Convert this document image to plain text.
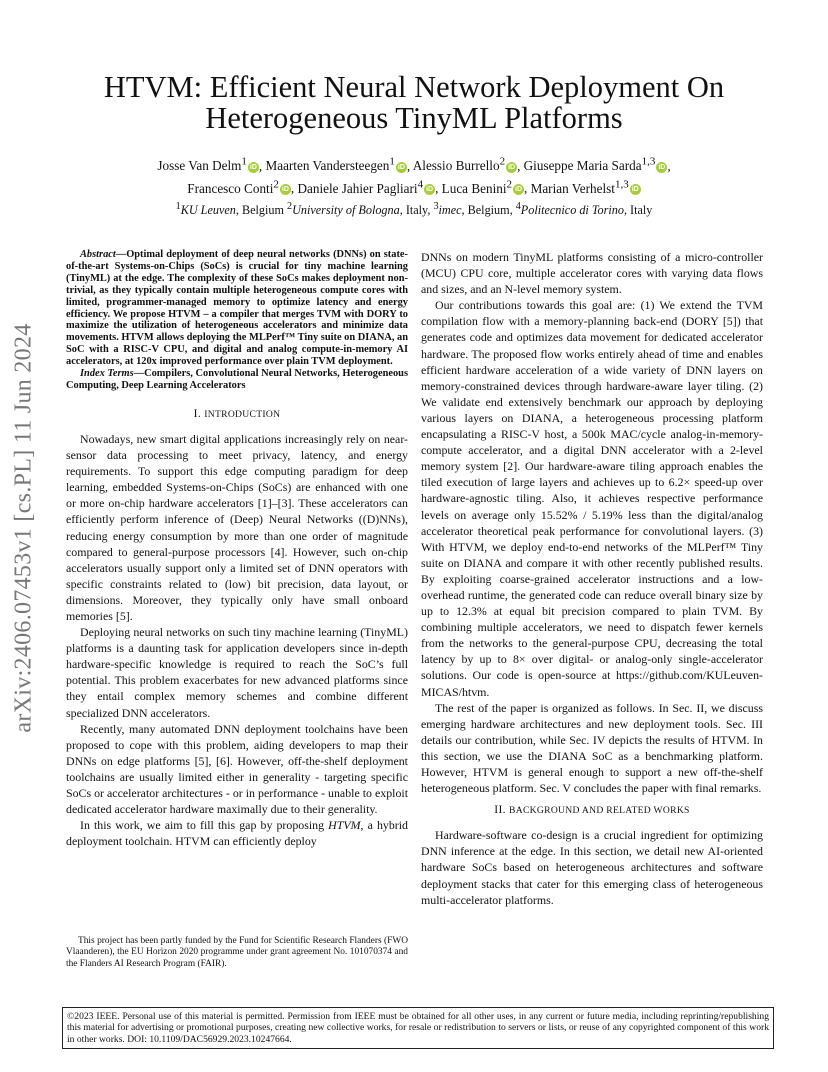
arXiv:2406.07453v1 [cs.PL] 11 Jun 2024
HTVM: Efficient Neural Network Deployment On
Heterogeneous TinyML Platforms
Josse Van Delm$^1$ iD , Maarten Vandersteegen$^1$ iD , Alessio Burrello$^2$ iD , Giuseppe Maria Sarda$^{1,3}$ iD ,
Francesco Conti$^2$ iD , Daniele Jahier Pagliari$^4$ iD , Luca Benini$^2$ iD , Marian Verhelst$^{1,3}$ iD
$^1$KU Leuven, Belgium $^2$University of Bologna, Italy, $^3$imec, Belgium, $^4$Politecnico di Torino, Italy

Abstract—Optimal deployment of deep neural networks (DNNs) on state-of-the-art Systems-on-Chips (SoCs) is crucial for tiny machine learning (TinyML) at the edge. The complexity of these SoCs makes deployment non-trivial, as they typically contain multiple heterogeneous compute cores with limited, programmer-managed memory to optimize latency and energy efficiency. We propose HTVM – a compiler that merges TVM with DORY to maximize the utilization of heterogeneous accelerators and minimize data movements. HTVM allows deploying the MLPerf™ Tiny suite on DIANA, an SoC with a RISC-V CPU, and digital and analog compute-in-memory AI accelerators, at 120x improved performance over plain TVM deployment.

Index Terms—Compilers, Convolutional Neural Networks, Heterogeneous Computing, Deep Learning Accelerators

I. INTRODUCTION

Nowadays, new smart digital applications increasingly rely on near-sensor data processing to meet privacy, latency, and energy requirements. To support this edge computing paradigm for deep learning, embedded Systems-on-Chips (SoCs) are enhanced with one or more on-chip hardware accelerators [1]–[3]. These accelerators can efficiently perform inference of (Deep) Neural Networks ((D)NNs), reducing energy consumption by more than one order of magnitude compared to general-purpose processors [4]. However, such on-chip accelerators usually support only a limited set of DNN operators with specific constraints related to (low) bit precision, data layout, or dimensions. Moreover, they typically only have small onboard memories [5].

Deploying neural networks on such tiny machine learning (TinyML) platforms is a daunting task for application developers since in-depth hardware-specific knowledge is required to reach the SoC’s full potential. This problem exacerbates for new advanced platforms since they entail complex memory schemes and combine different specialized DNN accelerators.

Recently, many automated DNN deployment toolchains have been proposed to cope with this problem, aiding developers to map their DNNs on edge platforms [5], [6]. However, off-the-shelf deployment toolchains are usually limited either in generality - targeting specific SoCs or accelerator architectures - or in performance - unable to exploit dedicated accelerator hardware maximally due to their generality.

In this work, we aim to fill this gap by proposing HTVM, a hybrid deployment toolchain. HTVM can efficiently deploy

This project has been partly funded by the Fund for Scientific Research Flanders (FWO Vlaanderen), the EU Horizon 2020 programme under grant agreement No. 101070374 and the Flanders AI Research Program (FAIR).

DNNs on modern TinyML platforms consisting of a micro-controller (MCU) CPU core, multiple accelerator cores with varying data flows and sizes, and an N-level memory system.

Our contributions towards this goal are: (1) We extend the TVM compilation flow with a memory-planning back-end (DORY [5]) that generates code and optimizes data movement for dedicated accelerator hardware. The proposed flow works entirely ahead of time and enables efficient hardware acceleration of a wide variety of DNN layers on memory-constrained devices through hardware-aware layer tiling. (2) We validate end extensively benchmark our approach by deploying various layers on DIANA, a heterogeneous processing platform encapsulating a RISC-V host, a 500k MAC/cycle analog-in-memory-compute accelerator, and a digital DNN accelerator with a 2-level memory system [2]. Our hardware-aware tiling approach enables the tiled execution of large layers and achieves up to 6.2× speed-up over hardware-agnostic tiling. Also, it achieves respective performance levels on average only 15.52% / 5.19% less than the digital/analog accelerator theoretical peak performance for convolutional layers. (3) With HTVM, we deploy end-to-end networks of the MLPerf™ Tiny suite on DIANA and compare it with other recently published results. By exploiting coarse-grained accelerator instructions and a low-overhead runtime, the generated code can reduce overall binary size by up to 12.3% at equal bit precision compared to plain TVM. By combining multiple accelerators, we need to dispatch fewer kernels from the networks to the general-purpose CPU, decreasing the total latency by up to 8× over digital- or analog-only single-accelerator solutions. Our code is open-source at https://github.com/KULeuven-MICAS/htvm.

The rest of the paper is organized as follows. In Sec. II, we discuss emerging hardware architectures and new deployment tools. Sec. III details our contribution, while Sec. IV depicts the results of HTVM. In this section, we use the DIANA SoC as a benchmarking platform. However, HTVM is general enough to support a new off-the-shelf heterogeneous platform. Sec. V concludes the paper with final remarks.

II. BACKGROUND AND RELATED WORKS

Hardware-software co-design is a crucial ingredient for optimizing DNN inference at the edge. In this section, we detail new AI-oriented hardware SoCs based on heterogeneous architectures and software deployment stacks that cater for this emerging class of heterogeneous multi-accelerator platforms.

©2023 IEEE. Personal use of this material is permitted. Permission from IEEE must be obtained for all other uses, in any current or future media, including reprinting/republishing this material for advertising or promotional purposes, creating new collective works, for resale or redistribution to servers or lists, or reuse of any copyrighted component of this work in other works. DOI: 10.1109/DAC56929.2023.10247664.
